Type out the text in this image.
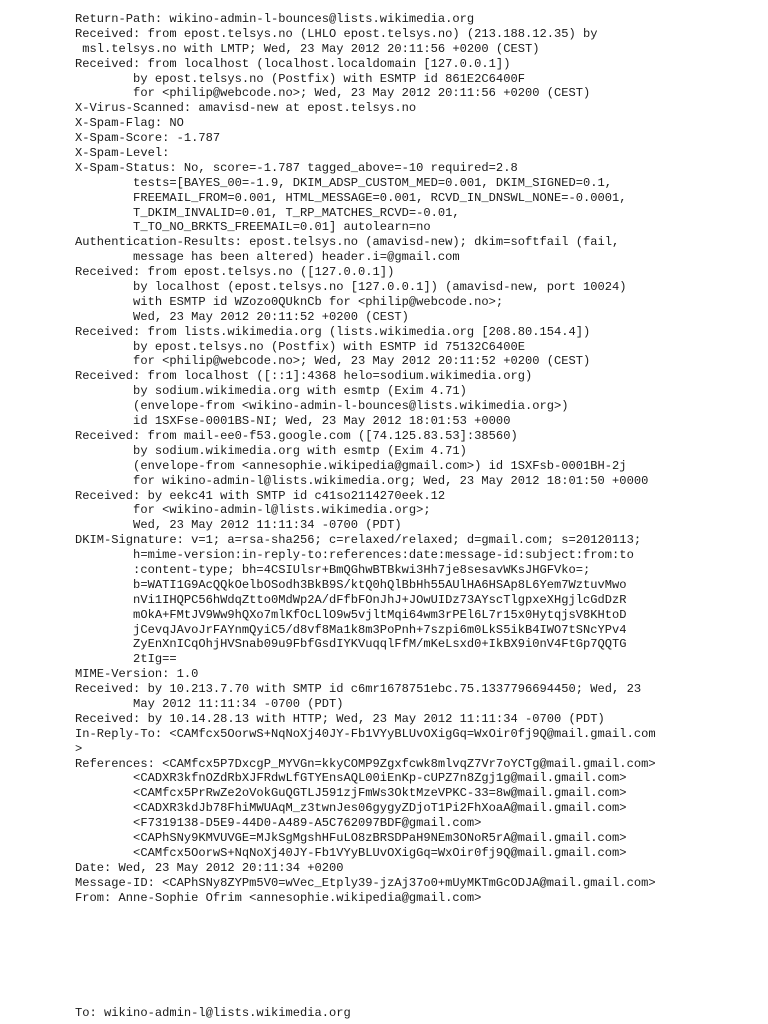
Return-Path: wikino-admin-l-bounces@lists.wikimedia.org
Received: from epost.telsys.no (LHLO epost.telsys.no) (213.188.12.35) by
msl.telsys.no with LMTP; Wed, 23 May 2012 20:11:56 +0200 (CEST)
Received: from localhost (localhost.localdomain [127.0.0.1])
by epost.telsys.no (Postfix) with ESMTP id 861E2C6400F
for <philip@webcode.no>; Wed, 23 May 2012 20:11:56 +0200 (CEST)
X-Virus-Scanned: amavisd-new at epost.telsys.no
X-Spam-Flag: NO
X-Spam-Score: -1.787
X-Spam-Level:
X-Spam-Status: No, score=-1.787 tagged_above=-10 required=2.8
tests=[BAYES_00=-1.9, DKIM_ADSP_CUSTOM_MED=0.001, DKIM_SIGNED=0.1,
FREEMAIL_FROM=0.001, HTML_MESSAGE=0.001, RCVD_IN_DNSWL_NONE=-0.0001,
T_DKIM_INVALID=0.01, T_RP_MATCHES_RCVD=-0.01,
T_TO_NO_BRKTS_FREEMAIL=0.01] autolearn=no
Authentication-Results: epost.telsys.no (amavisd-new); dkim=softfail (fail,
message has been altered) header.i=@gmail.com
Received: from epost.telsys.no ([127.0.0.1])
by localhost (epost.telsys.no [127.0.0.1]) (amavisd-new, port 10024)
with ESMTP id WZozo0QUknCb for <philip@webcode.no>;
Wed, 23 May 2012 20:11:52 +0200 (CEST)
Received: from lists.wikimedia.org (lists.wikimedia.org [208.80.154.4])
by epost.telsys.no (Postfix) with ESMTP id 75132C6400E
for <philip@webcode.no>; Wed, 23 May 2012 20:11:52 +0200 (CEST)
Received: from localhost ([::1]:4368 helo=sodium.wikimedia.org)
by sodium.wikimedia.org with esmtp (Exim 4.71)
(envelope-from <wikino-admin-l-bounces@lists.wikimedia.org>)
id 1SXFse-0001BS-NI; Wed, 23 May 2012 18:01:53 +0000
Received: from mail-ee0-f53.google.com ([74.125.83.53]:38560)
by sodium.wikimedia.org with esmtp (Exim 4.71)
(envelope-from <annesophie.wikipedia@gmail.com>) id 1SXFsb-0001BH-2j
for wikino-admin-l@lists.wikimedia.org; Wed, 23 May 2012 18:01:50 +0000
Received: by eekc41 with SMTP id c41so2114270eek.12
for <wikino-admin-l@lists.wikimedia.org>;
Wed, 23 May 2012 11:11:34 -0700 (PDT)
DKIM-Signature: v=1; a=rsa-sha256; c=relaxed/relaxed; d=gmail.com; s=20120113;
h=mime-version:in-reply-to:references:date:message-id:subject:from:to
:content-type; bh=4CSIUlsr+BmQGhwBTBkwi3Hh7je8sesavWKsJHGFVko=;
b=WATI1G9AcQQkOelbOSodh3BkB9S/ktQ0hQlBbHh55AUlHA6HSAp8L6Yem7WztuvMwo
nVi1IHQPC56hWdqZtto0MdWp2A/dFfbFOnJhJ+JOwUIDz73AYscTlgpxeXHgjlcGdDzR
mOkA+FMtJV9Ww9hQXo7mlKfOcLlO9w5vjltMqi64wm3rPEl6L7r15x0HytqjsV8KHtoD
jCevqJAvoJrFAYnmQyiC5/d8vf8Ma1k8m3PoPnh+7szpi6m0LkS5ikB4IWO7tSNcYPv4
ZyEnXnICqOhjHVSnab09u9FbfGsdIYKVuqqlFfM/mKeLsxd0+IkBX9i0nV4FtGp7QQTG
2tIg==
MIME-Version: 1.0
Received: by 10.213.7.70 with SMTP id c6mr1678751ebc.75.1337796694450; Wed, 23
May 2012 11:11:34 -0700 (PDT)
Received: by 10.14.28.13 with HTTP; Wed, 23 May 2012 11:11:34 -0700 (PDT)
In-Reply-To: <CAMfcx5OorwS+NqNoXj40JY-Fb1VYyBLUvOXigGq=WxOir0fj9Q@mail.gmail.com
>
References: <CAMfcx5P7DxcgP_MYVGn=kkyCOMP9Zgxfcwk8mlvqZ7Vr7oYCTg@mail.gmail.com>
<CADXR3kfnOZdRbXJFRdwLfGTYEnsAQL00iEnKp-cUPZ7n8Zgj1g@mail.gmail.com>
<CAMfcx5PrRwZe2oVokGuQGTLJ591zjFmWs3OktMzeVPKC-33=8w@mail.gmail.com>
<CADXR3kdJb78FhiMWUAqM_z3twnJes06gygyZDjoT1Pi2FhXoaA@mail.gmail.com>
<F7319138-D5E9-44D0-A489-A5C762097BDF@gmail.com>
<CAPhSNy9KMVUVGE=MJkSgMgshHFuLO8zBRSDPaH9NEm3ONoR5rA@mail.gmail.com>
<CAMfcx5OorwS+NqNoXj40JY-Fb1VYyBLUvOXigGq=WxOir0fj9Q@mail.gmail.com>
Date: Wed, 23 May 2012 20:11:34 +0200
Message-ID: <CAPhSNy8ZYPm5V0=wVec_Etply39-jzAj37o0+mUyMKTmGcODJA@mail.gmail.com>
From: Anne-Sophie Ofrim <annesophie.wikipedia@gmail.com>
To: wikino-admin-l@lists.wikimedia.org
